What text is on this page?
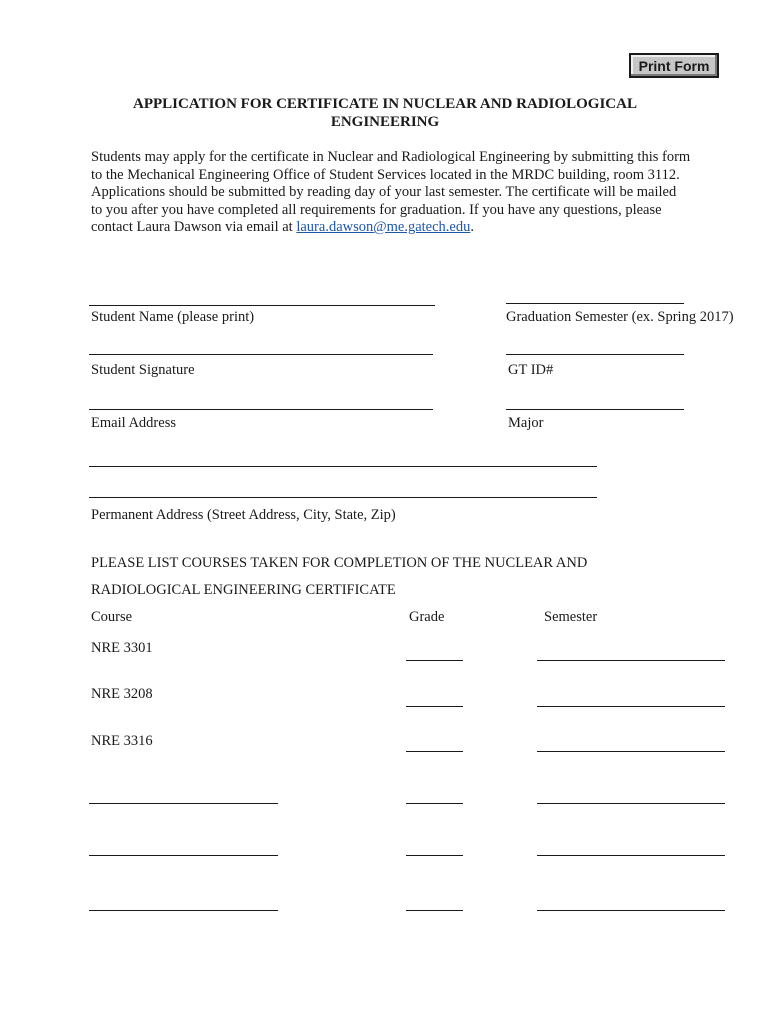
Print Form
APPLICATION FOR CERTIFICATE IN NUCLEAR AND RADIOLOGICAL
ENGINEERING
Students may apply for the certificate in Nuclear and Radiological Engineering by submitting this form to the Mechanical Engineering Office of Student Services located in the MRDC building, room 3112. Applications should be submitted by reading day of your last semester. The certificate will be mailed to you after you have completed all requirements for graduation. If you have any questions, please contact Laura Dawson via email at laura.dawson@me.gatech.edu.
Student Name (please print)	Graduation Semester (ex. Spring 2017)
Student Signature	GT ID#
Email Address	Major
Permanent Address (Street Address, City, State, Zip)
PLEASE LIST COURSES TAKEN FOR COMPLETION OF THE NUCLEAR AND
RADIOLOGICAL ENGINEERING CERTIFICATE
Course	Grade	Semester
NRE 3301
NRE 3208
NRE 3316
